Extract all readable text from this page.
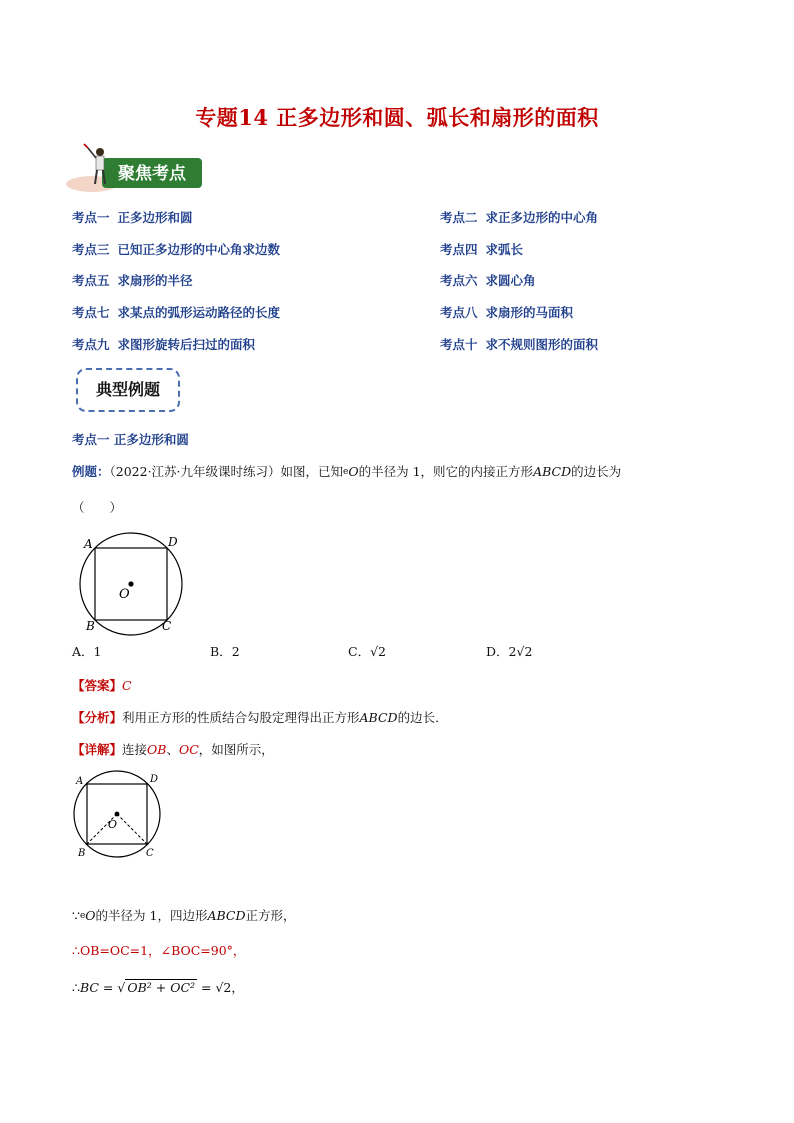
专题14 正多边形和圆、弧长和扇形的面积
聚焦考点
考点一 正多边形和圆	考点二 求正多边形的中心角
考点三 已知正多边形的中心角求边数	考点四 求弧长
考点五 求扇形的半径	考点六 求圆心角
考点七 求某点的弧形运动路径的长度	考点八 求扇形的马面积
考点九 求图形旋转后扫过的面积	考点十 求不规则图形的面积
典型例题
考点一 正多边形和圆
例题：（2022·江苏·九年级课时练习）如图，已知eO的半径为 1，则它的内接正方形ABCD的边长为
（　　）
A	D
B	C
O
A．1	B．2	C．√2	D．2√2
【答案】C
【分析】利用正方形的性质结合勾股定理得出正方形ABCD的边长．
【详解】连接OB、OC，如图所示，
A	D
B	C
O
∵eO的半径为 1，四边形ABCD正方形，
∴OB=OC=1，∠BOC=90°，
∴BC = √ OB² + OC² = √2，
